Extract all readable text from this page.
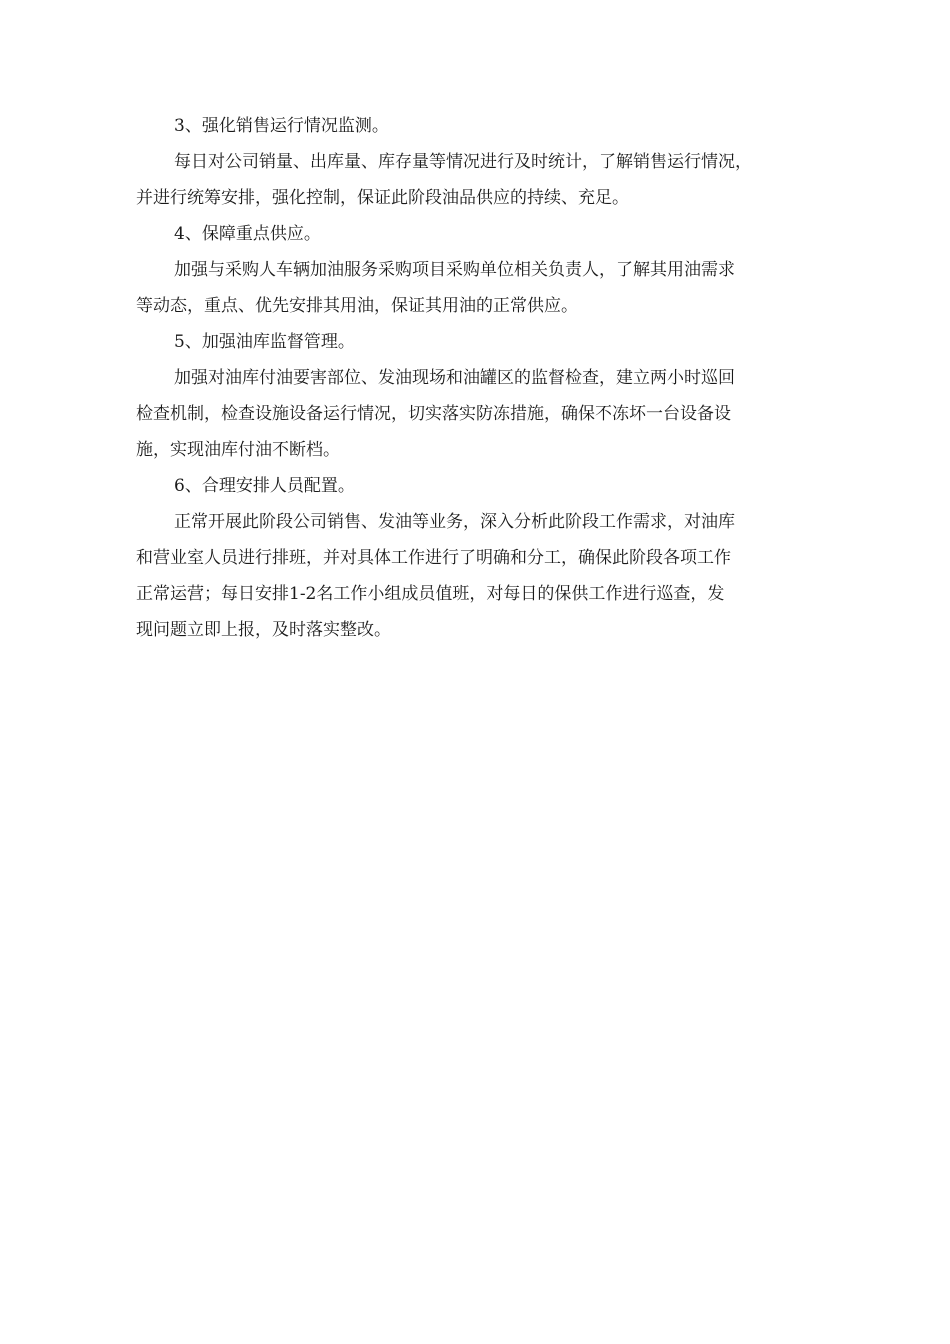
3、强化销售运行情况监测。

每日对公司销量、出库量、库存量等情况进行及时统计，了解销售运行情况，
并进行统筹安排，强化控制，保证此阶段油品供应的持续、充足。

4、保障重点供应。

加强与采购人车辆加油服务采购项目采购单位相关负责人，了解其用油需求
等动态，重点、优先安排其用油，保证其用油的正常供应。

5、加强油库监督管理。

加强对油库付油要害部位、发油现场和油罐区的监督检查，建立两小时巡回
检查机制，检查设施设备运行情况，切实落实防冻措施，确保不冻坏一台设备设
施，实现油库付油不断档。

6、合理安排人员配置。

正常开展此阶段公司销售、发油等业务，深入分析此阶段工作需求，对油库
和营业室人员进行排班，并对具体工作进行了明确和分工，确保此阶段各项工作
正常运营；每日安排1-2名工作小组成员值班，对每日的保供工作进行巡查，发
现问题立即上报，及时落实整改。
